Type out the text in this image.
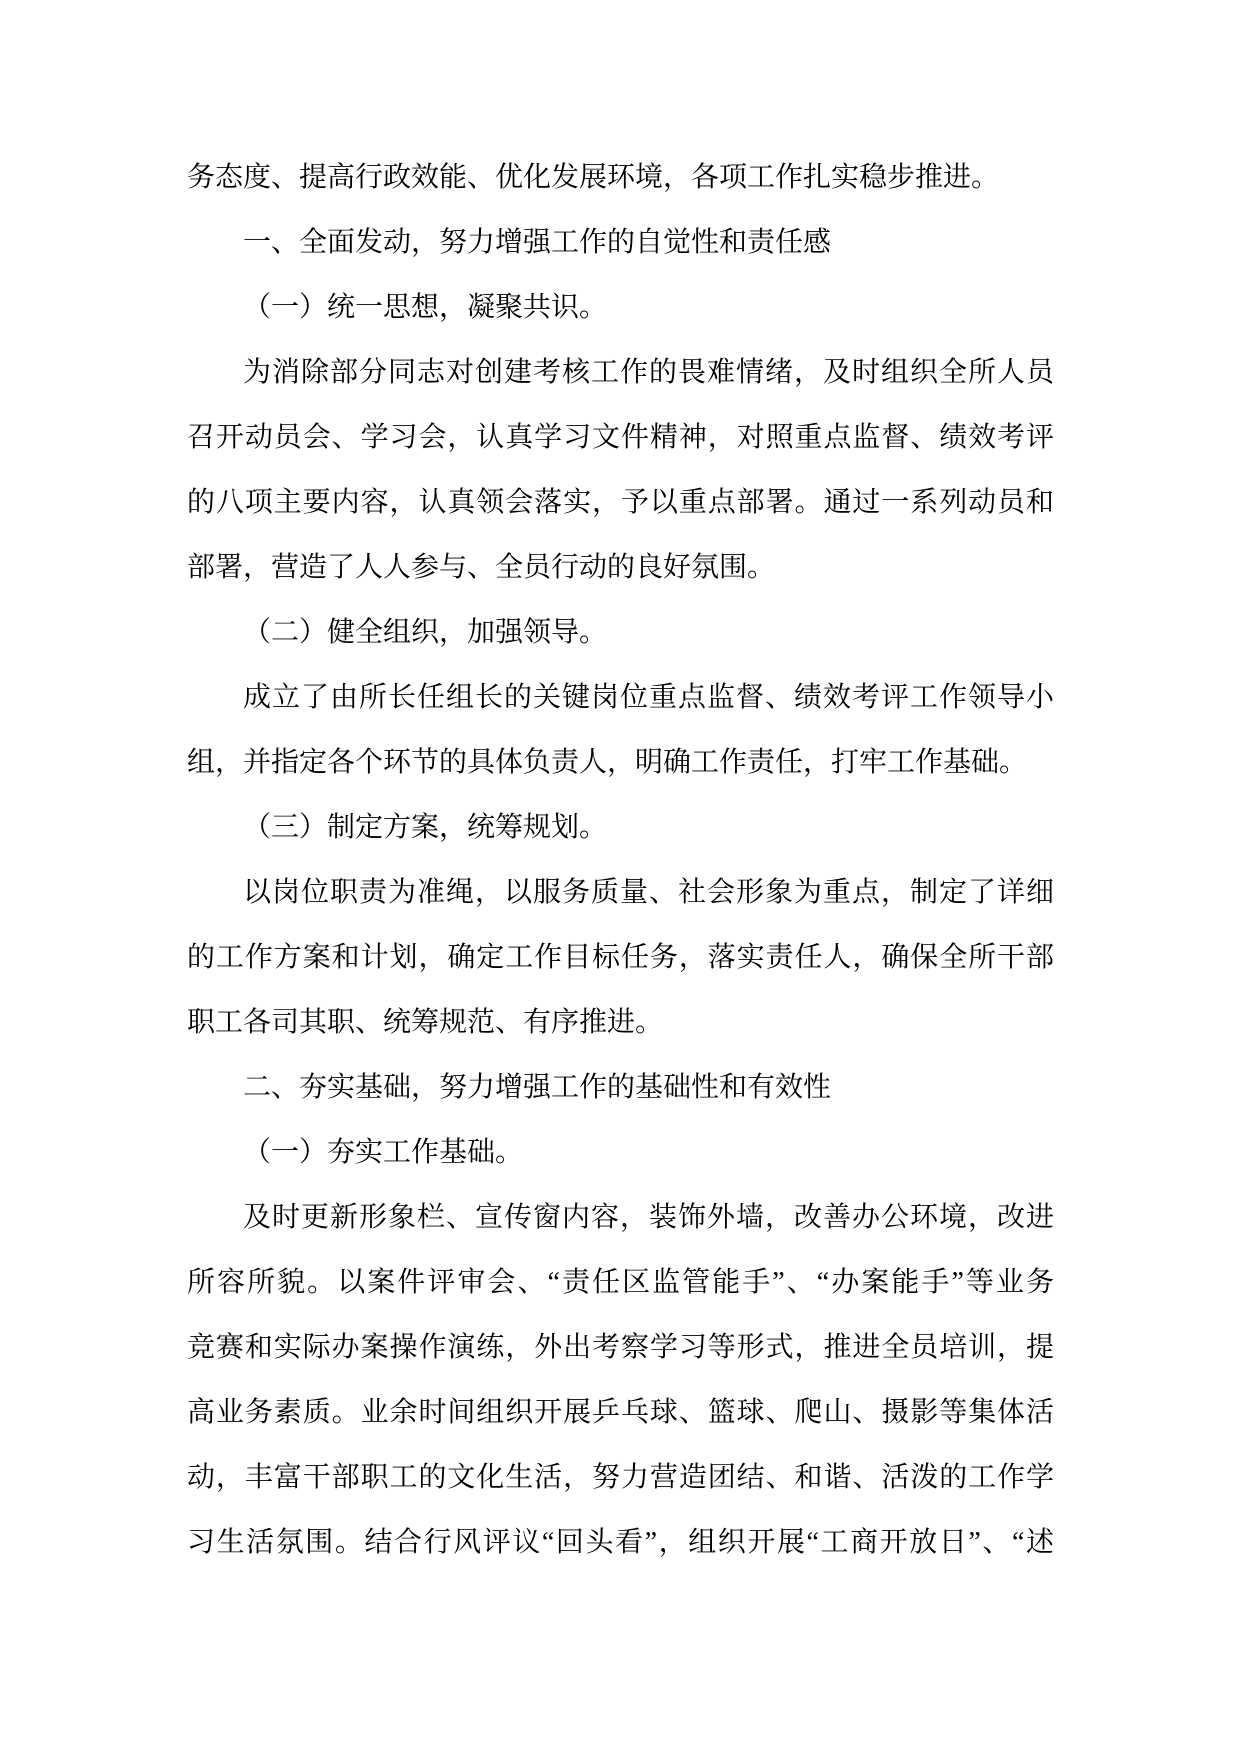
务态度、提高行政效能、优化发展环境，各项工作扎实稳步推进。
一、全面发动，努力增强工作的自觉性和责任感
（一）统一思想，凝聚共识。
为消除部分同志对创建考核工作的畏难情绪，及时组织全所人员
召开动员会、学习会，认真学习文件精神，对照重点监督、绩效考评
的八项主要内容，认真领会落实，予以重点部署。通过一系列动员和
部署，营造了人人参与、全员行动的良好氛围。
（二）健全组织，加强领导。
成立了由所长任组长的关键岗位重点监督、绩效考评工作领导小
组，并指定各个环节的具体负责人，明确工作责任，打牢工作基础。
（三）制定方案，统筹规划。
以岗位职责为准绳，以服务质量、社会形象为重点，制定了详细
的工作方案和计划，确定工作目标任务，落实责任人，确保全所干部
职工各司其职、统筹规范、有序推进。
二、夯实基础，努力增强工作的基础性和有效性
（一）夯实工作基础。
及时更新形象栏、宣传窗内容，装饰外墙，改善办公环境，改进
所容所貌。以案件评审会、“责任区监管能手”、“办案能手”等业务
竞赛和实际办案操作演练，外出考察学习等形式，推进全员培训，提
高业务素质。业余时间组织开展乒乓球、篮球、爬山、摄影等集体活
动，丰富干部职工的文化生活，努力营造团结、和谐、活泼的工作学
习生活氛围。结合行风评议“回头看”，组织开展“工商开放日”、“述
